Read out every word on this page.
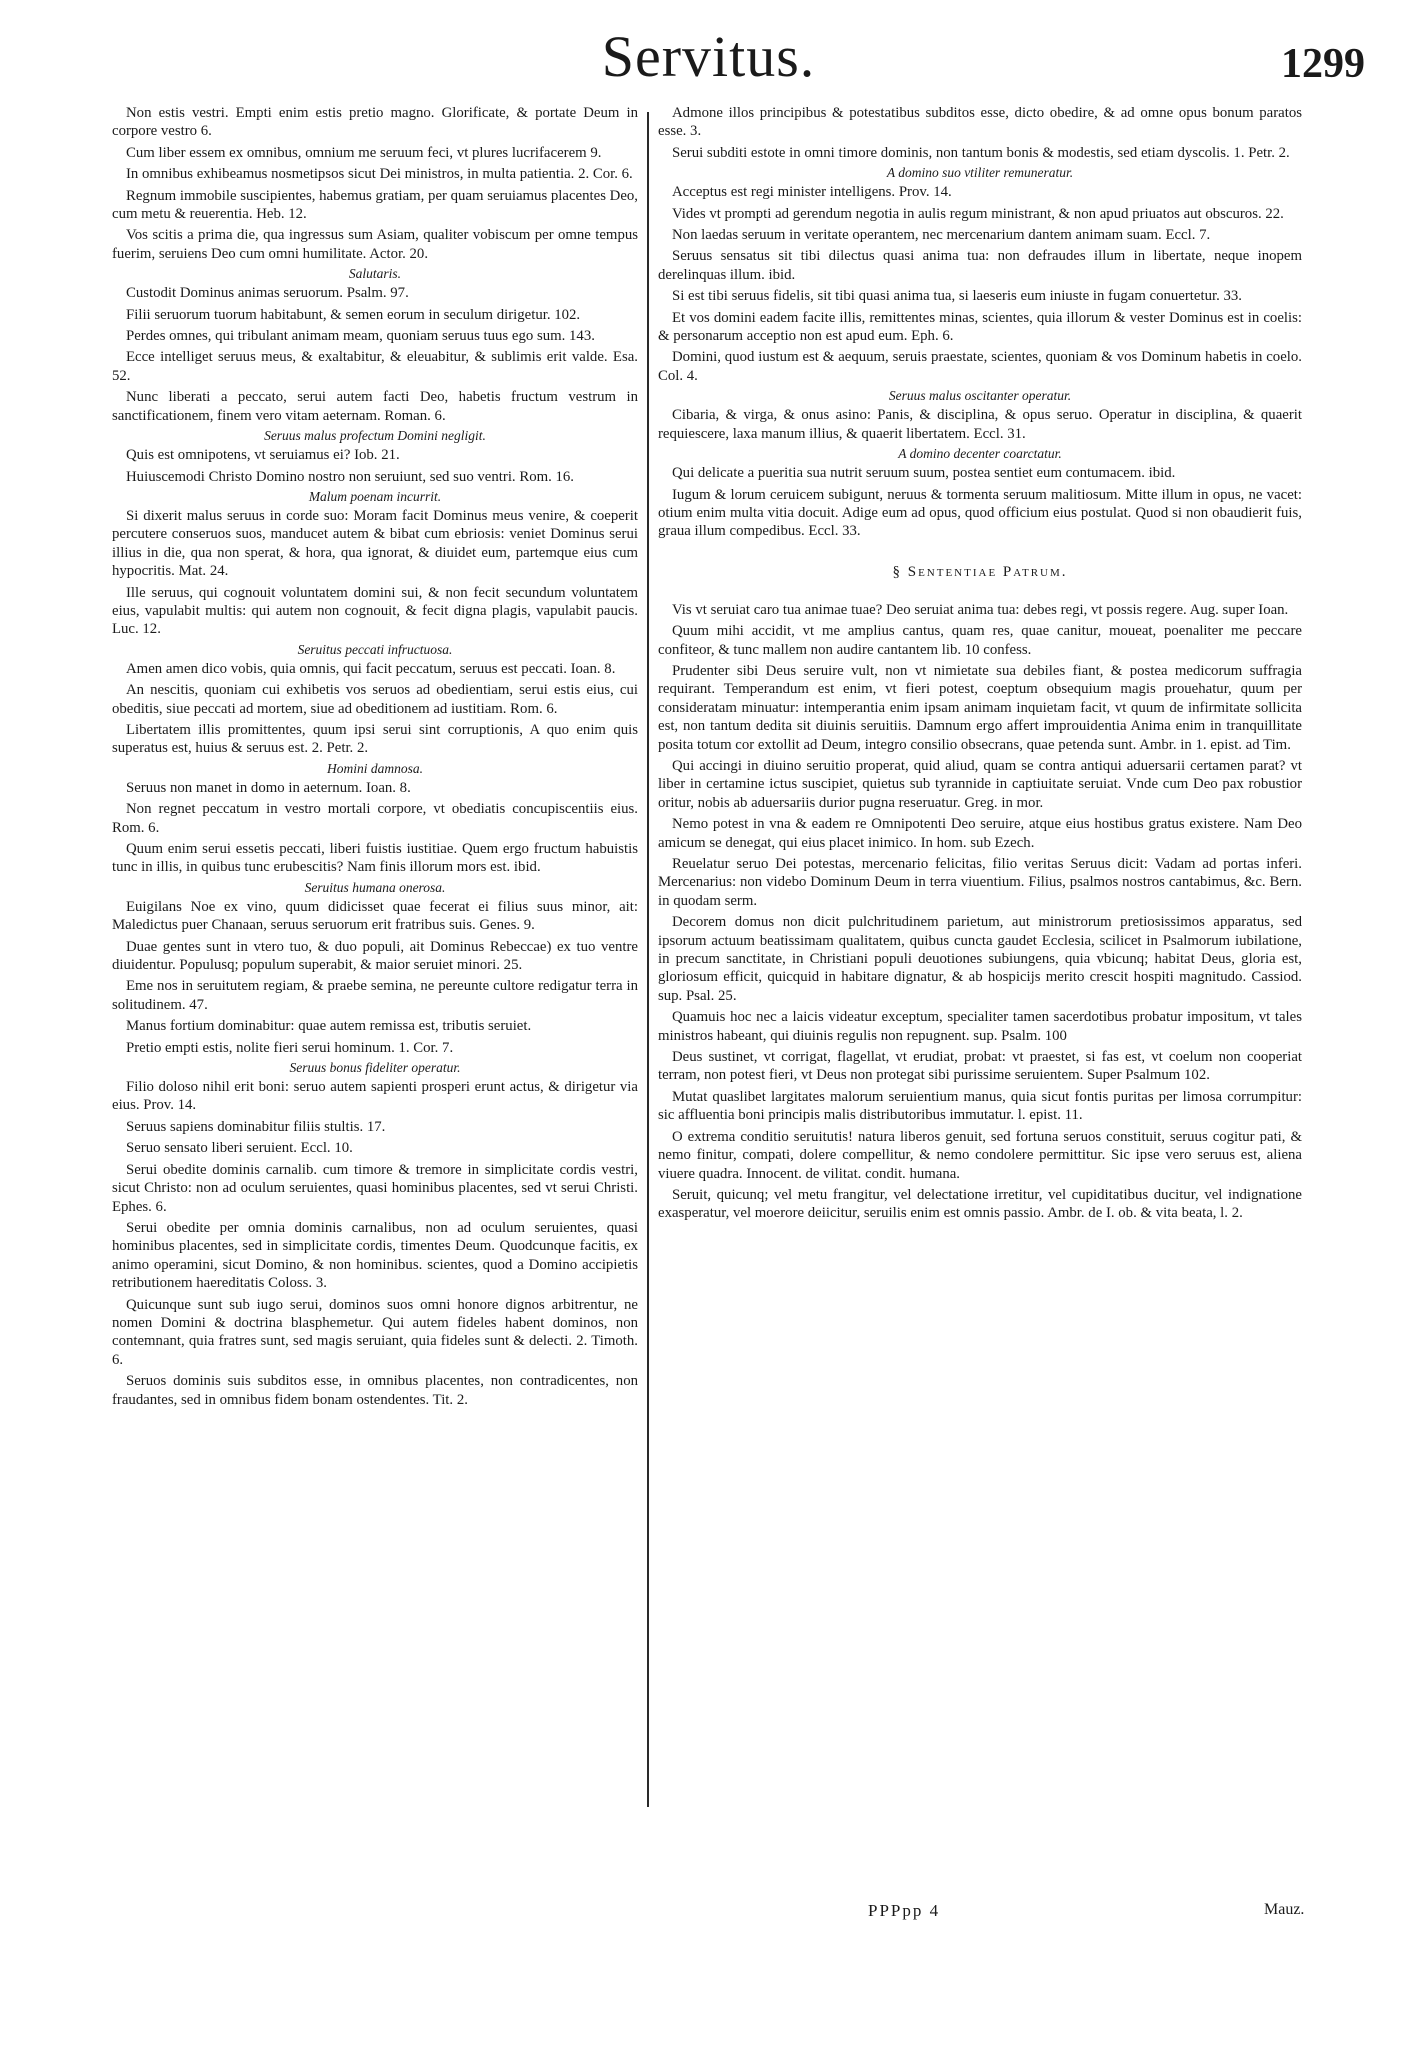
Servitus.	1299

Non estis vestri. Empti enim estis pretio magno. Glorificate, & portate Deum in corpore vestro 6.

Cum liber essem ex omnibus, omnium me seruum feci, vt plures lucrifacerem 9.

In omnibus exhibeamus nosmetipsos sicut Dei ministros, in multa patientia. 2. Cor. 6.

Regnum immobile suscipientes, habemus gratiam, per quam seruiamus placentes Deo, cum metu & reuerentia. Heb. 12.

Vos scitis a prima die, qua ingressus sum Asiam, qualiter vobiscum per omne tempus fuerim, seruiens Deo cum omni humilitate. Actor. 20.

Salutaris.

Custodit Dominus animas seruorum. Psalm. 97.

Filii seruorum tuorum habitabunt, & semen eorum in seculum dirigetur. 102.

Perdes omnes, qui tribulant animam meam, quoniam seruus tuus ego sum. 143.

Ecce intelliget seruus meus, & exaltabitur, & eleuabitur, & sublimis erit valde. Esa. 52.

Nunc liberati a peccato, serui autem facti Deo, habetis fructum vestrum in sanctificationem, finem vero vitam aeternam. Roman. 6.

Seruus malus profectum Domini negligit.

Quis est omnipotens, vt seruiamus ei? Iob. 21.

Huiuscemodi Christo Domino nostro non seruiunt, sed suo ventri. Rom. 16.

Malum poenam incurrit.

Si dixerit malus seruus in corde suo: Moram facit Dominus meus venire, & coeperit percutere conseruos suos, manducet autem & bibat cum ebriosis: veniet Dominus serui illius in die, qua non sperat, & hora, qua ignorat, & diuidet eum, partemque eius cum hypocritis. Mat. 24.

Ille seruus, qui cognouit voluntatem domini sui, & non fecit secundum voluntatem eius, vapulabit multis: qui autem non cognouit, & fecit digna plagis, vapulabit paucis. Luc. 12.

Seruitus peccati infructuosa.

Amen amen dico vobis, quia omnis, qui facit peccatum, seruus est peccati. Ioan. 8.

An nescitis, quoniam cui exhibetis vos seruos ad obedientiam, serui estis eius, cui obeditis, siue peccati ad mortem, siue ad obeditionem ad iustitiam. Rom. 6.

Libertatem illis promittentes, quum ipsi serui sint corruptionis, A quo enim quis superatus est, huius & seruus est. 2. Petr. 2.

Homini damnosa.

Seruus non manet in domo in aeternum. Ioan. 8.

Non regnet peccatum in vestro mortali corpore, vt obediatis concupiscentiis eius. Rom. 6.

Quum enim serui essetis peccati, liberi fuistis iustitiae. Quem ergo fructum habuistis tunc in illis, in quibus tunc erubescitis? Nam finis illorum mors est. ibid.

Seruitus humana onerosa.

Euigilans Noe ex vino, quum didicisset quae fecerat ei filius suus minor, ait: Maledictus puer Chanaan, seruus seruorum erit fratribus suis. Genes. 9.

Duae gentes sunt in vtero tuo, & duo populi, ait Dominus Rebeccae) ex tuo ventre diuidentur. Populusq; populum superabit, & maior seruiet minori. 25.

Eme nos in seruitutem regiam, & praebe semina, ne pereunte cultore redigatur terra in solitudinem. 47.

Manus fortium dominabitur: quae autem remissa est, tributis seruiet.

Pretio empti estis, nolite fieri serui hominum. 1. Cor. 7.

Seruus bonus fideliter operatur.

Filio doloso nihil erit boni: seruo autem sapienti prosperi erunt actus, & dirigetur via eius. Prov. 14.

Seruus sapiens dominabitur filiis stultis. 17.

Seruo sensato liberi seruient. Eccl. 10.

Serui obedite dominis carnalib. cum timore & tremore in simplicitate cordis vestri, sicut Christo: non ad oculum seruientes, quasi hominibus placentes, sed vt serui Christi. Ephes. 6.

Serui obedite per omnia dominis carnalibus, non ad oculum seruientes, quasi hominibus placentes, sed in simplicitate cordis, timentes Deum. Quodcunque facitis, ex animo operamini, sicut Domino, & non hominibus. scientes, quod a Domino accipietis retributionem haereditatis Coloss. 3.

Quicunque sunt sub iugo serui, dominos suos omni honore dignos arbitrentur, ne nomen Domini & doctrina blasphemetur. Qui autem fideles habent dominos, non contemnant, quia fratres sunt, sed magis seruiant, quia fideles sunt & delecti. 2. Timoth. 6.

Seruos dominis suis subditos esse, in omnibus placentes, non contradicentes, non fraudantes, sed in omnibus fidem bonam ostendentes. Tit. 2.

Admone illos principibus & potestatibus subditos esse, dicto obedire, & ad omne opus bonum paratos esse. 3.

Serui subditi estote in omni timore dominis, non tantum bonis & modestis, sed etiam dyscolis. 1. Petr. 2.

A domino suo vtiliter remuneratur.

Acceptus est regi minister intelligens. Prov. 14.

Vides vt prompti ad gerendum negotia in aulis regum ministrant, & non apud priuatos aut obscuros. 22.

Non laedas seruum in veritate operantem, nec mercenarium dantem animam suam. Eccl. 7.

Seruus sensatus sit tibi dilectus quasi anima tua: non defraudes illum in libertate, neque inopem derelinquas illum. ibid.

Si est tibi seruus fidelis, sit tibi quasi anima tua, si laeseris eum iniuste in fugam conuertetur. 33.

Et vos domini eadem facite illis, remittentes minas, scientes, quia illorum & vester Dominus est in coelis: & personarum acceptio non est apud eum. Eph. 6.

Domini, quod iustum est & aequum, seruis praestate, scientes, quoniam & vos Dominum habetis in coelo. Col. 4.

Seruus malus oscitanter operatur.

Cibaria, & virga, & onus asino: Panis, & disciplina, & opus seruo. Operatur in disciplina, & quaerit requiescere, laxa manum illius, & quaerit libertatem. Eccl. 31.

A domino decenter coarctatur.

Qui delicate a pueritia sua nutrit seruum suum, postea sentiet eum contumacem. ibid.

Iugum & lorum ceruicem subigunt, neruus & tormenta seruum malitiosum. Mitte illum in opus, ne vacet: otium enim multa vitia docuit. Adige eum ad opus, quod officium eius postulat. Quod si non obaudierit fuis, graua illum compedibus. Eccl. 33.

§ Sententiae Patrum.

Vis vt seruiat caro tua animae tuae? Deo seruiat anima tua: debes regi, vt possis regere. Aug. super Ioan.

Quum mihi accidit, vt me amplius cantus, quam res, quae canitur, moueat, poenaliter me peccare confiteor, & tunc mallem non audire cantantem lib. 10 confess.

Prudenter sibi Deus seruire vult, non vt nimietate sua debiles fiant, & postea medicorum suffragia requirant. Temperandum est enim, vt fieri potest, coeptum obsequium magis prouehatur, quum per consideratam minuatur: intemperantia enim ipsam animam inquietam facit, vt quum de infirmitate sollicita est, non tantum dedita sit diuinis seruitiis. Damnum ergo affert improuidentia Anima enim in tranquillitate posita totum cor extollit ad Deum, integro consilio obsecrans, quae petenda sunt. Ambr. in 1. epist. ad Tim.

Qui accingi in diuino seruitio properat, quid aliud, quam se contra antiqui aduersarii certamen parat? vt liber in certamine ictus suscipiet, quietus sub tyrannide in captiuitate seruiat. Vnde cum Deo pax robustior oritur, nobis ab aduersariis durior pugna reseruatur. Greg. in mor.

Nemo potest in vna & eadem re Omnipotenti Deo seruire, atque eius hostibus gratus existere. Nam Deo amicum se denegat, qui eius placet inimico. In hom. sub Ezech.

Reuelatur seruo Dei potestas, mercenario felicitas, filio veritas Seruus dicit: Vadam ad portas inferi. Mercenarius: non videbo Dominum Deum in terra viuentium. Filius, psalmos nostros cantabimus, &c. Bern. in quodam serm.

Decorem domus non dicit pulchritudinem parietum, aut ministrorum pretiosissimos apparatus, sed ipsorum actuum beatissimam qualitatem, quibus cuncta gaudet Ecclesia, scilicet in Psalmorum iubilatione, in precum sanctitate, in Christiani populi deuotiones subiungens, quia vbicunq; habitat Deus, gloria est, gloriosum efficit, quicquid in habitare dignatur, & ab hospicijs merito crescit hospiti magnitudo. Cassiod. sup. Psal. 25.

Quamuis hoc nec a laicis videatur exceptum, specialiter tamen sacerdotibus probatur impositum, vt tales ministros habeant, qui diuinis regulis non repugnent. sup. Psalm. 100

Deus sustinet, vt corrigat, flagellat, vt erudiat, probat: vt praestet, si fas est, vt coelum non cooperiat terram, non potest fieri, vt Deus non protegat sibi purissime seruientem. Super Psalmum 102.

Mutat quaslibet largitates malorum seruientium manus, quia sicut fontis puritas per limosa corrumpitur: sic affluentia boni principis malis distributoribus immutatur. l. epist. 11.

O extrema conditio seruitutis! natura liberos genuit, sed fortuna seruos constituit, seruus cogitur pati, & nemo finitur, compati, dolere compellitur, & nemo condolere permittitur. Sic ipse vero seruus est, aliena viuere quadra. Innocent. de vilitat. condit. humana.

Seruit, quicunq; vel metu frangitur, vel delectatione irretitur, vel cupiditatibus ducitur, vel indignatione exasperatur, vel moerore deiicitur, seruilis enim est omnis passio. Ambr. de I. ob. & vita beata, l. 2.

PPPpp 4	Mauz.
